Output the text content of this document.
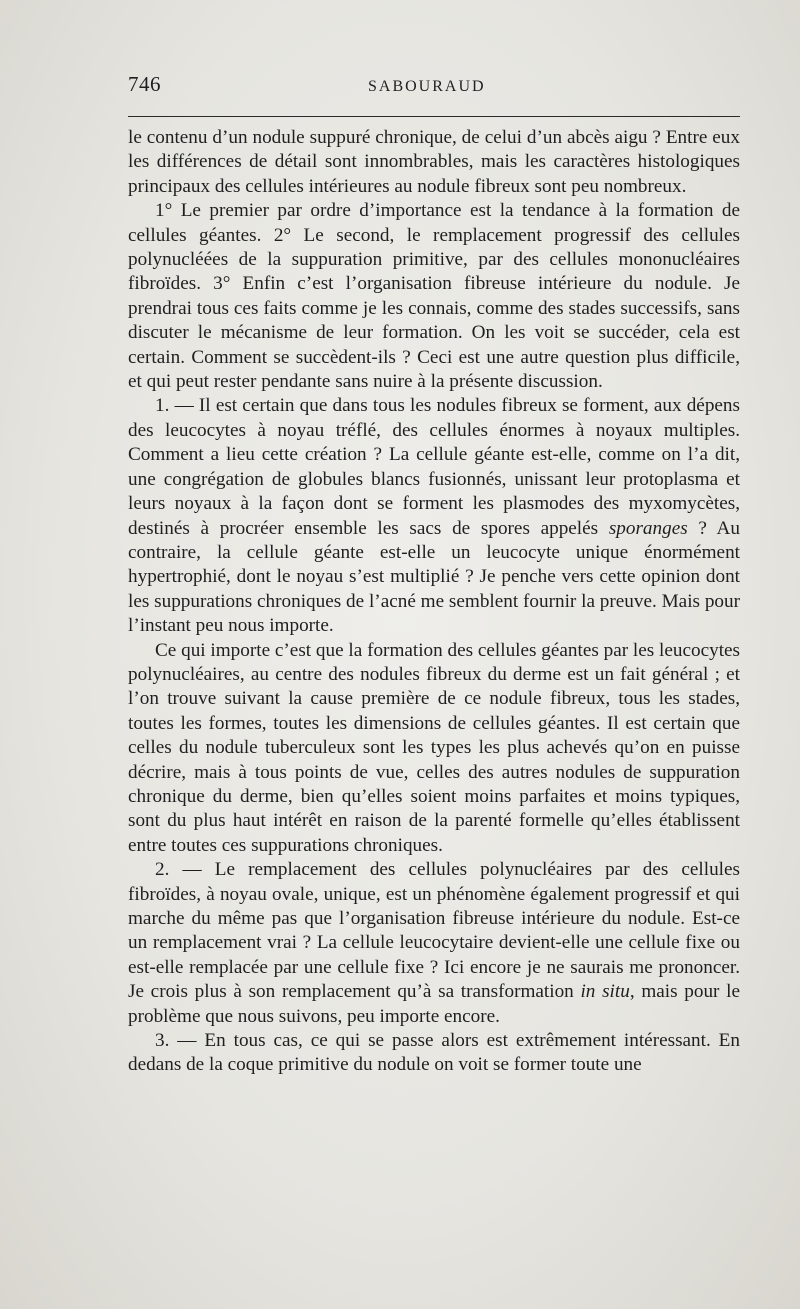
746	SABOURAUD

le contenu d’un nodule suppuré chronique, de celui d’un abcès aigu ? Entre eux les différences de détail sont innombrables, mais les caractères histologiques principaux des cellules intérieures au nodule fibreux sont peu nombreux.

1° Le premier par ordre d’importance est la tendance à la formation de cellules géantes. 2° Le second, le remplacement progressif des cellules polynucléées de la suppuration primitive, par des cellules mononucléaires fibroïdes. 3° Enfin c’est l’organisation fibreuse intérieure du nodule. Je prendrai tous ces faits comme je les connais, comme des stades successifs, sans discuter le mécanisme de leur formation. On les voit se succéder, cela est certain. Comment se succèdent-ils ? Ceci est une autre question plus difficile, et qui peut rester pendante sans nuire à la présente discussion.

1. — Il est certain que dans tous les nodules fibreux se forment, aux dépens des leucocytes à noyau tréflé, des cellules énormes à noyaux multiples. Comment a lieu cette création ? La cellule géante est-elle, comme on l’a dit, une congrégation de globules blancs fusionnés, unissant leur protoplasma et leurs noyaux à la façon dont se forment les plasmodes des myxomycètes, destinés à procréer ensemble les sacs de spores appelés sporanges ? Au contraire, la cellule géante est-elle un leucocyte unique énormément hypertrophié, dont le noyau s’est multiplié ? Je penche vers cette opinion dont les suppurations chroniques de l’acné me semblent fournir la preuve. Mais pour l’instant peu nous importe.

Ce qui importe c’est que la formation des cellules géantes par les leucocytes polynucléaires, au centre des nodules fibreux du derme est un fait général ; et l’on trouve suivant la cause première de ce nodule fibreux, tous les stades, toutes les formes, toutes les dimensions de cellules géantes. Il est certain que celles du nodule tuberculeux sont les types les plus achevés qu’on en puisse décrire, mais à tous points de vue, celles des autres nodules de suppuration chronique du derme, bien qu’elles soient moins parfaites et moins typiques, sont du plus haut intérêt en raison de la parenté formelle qu’elles établissent entre toutes ces suppurations chroniques.

2. — Le remplacement des cellules polynucléaires par des cellules fibroïdes, à noyau ovale, unique, est un phénomène également progressif et qui marche du même pas que l’organisation fibreuse intérieure du nodule. Est-ce un remplacement vrai ? La cellule leucocytaire devient-elle une cellule fixe ou est-elle remplacée par une cellule fixe ? Ici encore je ne saurais me prononcer. Je crois plus à son remplacement qu’à sa transformation in situ, mais pour le problème que nous suivons, peu importe encore.

3. — En tous cas, ce qui se passe alors est extrêmement intéressant. En dedans de la coque primitive du nodule on voit se former toute une
